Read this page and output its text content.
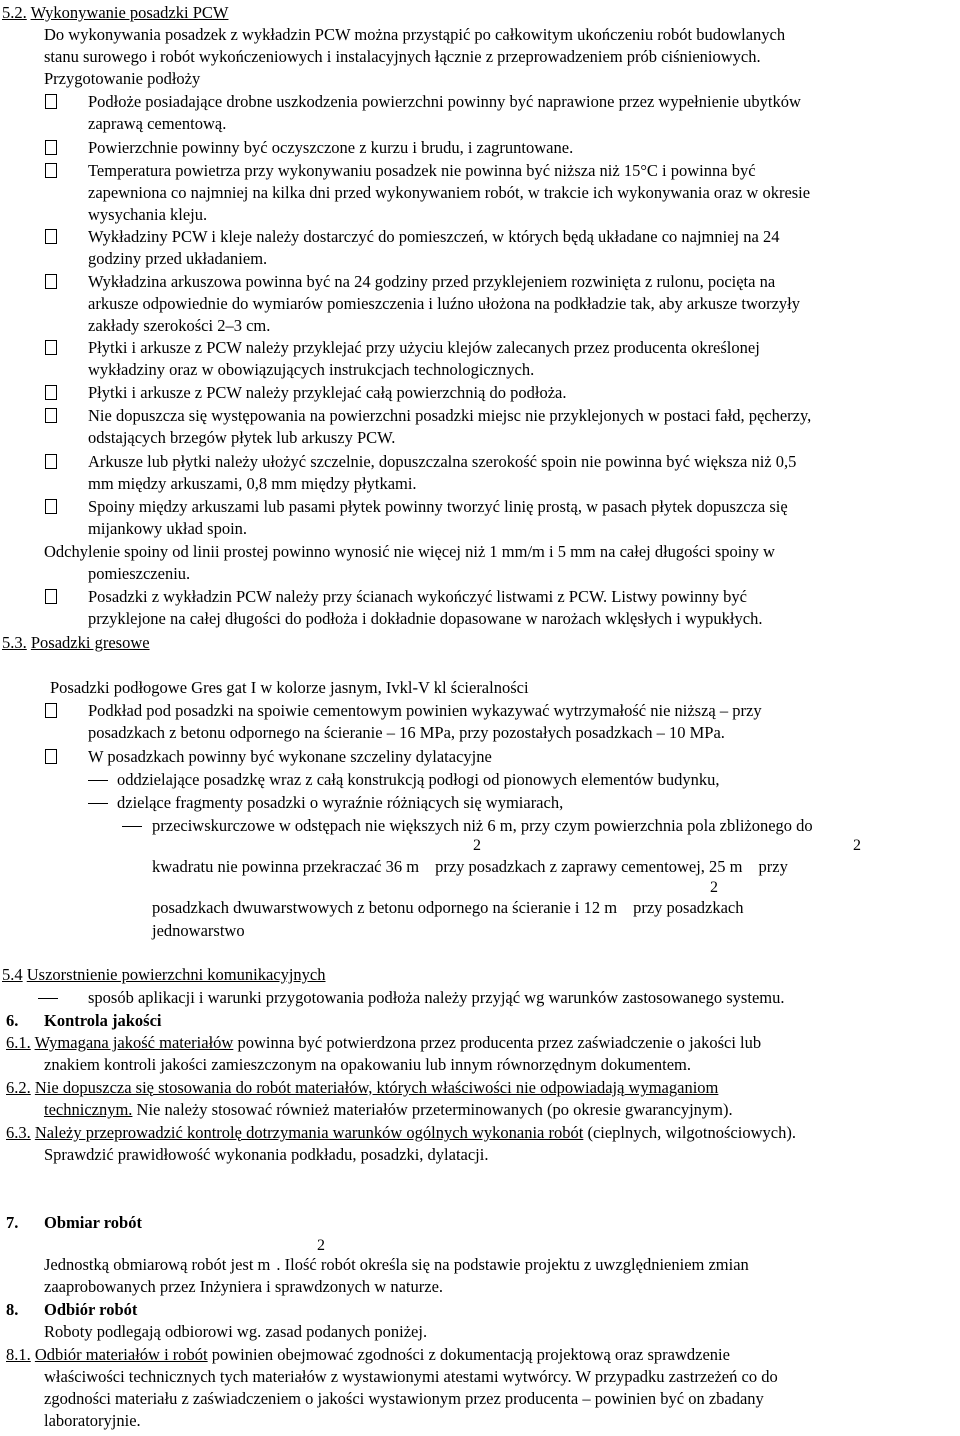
5.2. Wykonywanie posadzki PCW
Do wykonywania posadzek z wykładzin PCW można przystąpić po całkowitym ukończeniu robót budowlanych
stanu surowego i robót wykończeniowych i instalacyjnych łącznie z przeprowadzeniem prób ciśnieniowych.
Przygotowanie podłoży
Podłoże posiadające drobne uszkodzenia powierzchni powinny być naprawione przez wypełnienie ubytków
zaprawą cementową.
Powierzchnie powinny być oczyszczone z kurzu i brudu, i zagruntowane.
Temperatura powietrza przy wykonywaniu posadzek nie powinna być niższa niż 15°C i powinna być
zapewniona co najmniej na kilka dni przed wykonywaniem robót, w trakcie ich wykonywania oraz w okresie
wysychania kleju.
Wykładziny PCW i kleje należy dostarczyć do pomieszczeń, w których będą układane co najmniej na 24
godziny przed układaniem.
Wykładzina arkuszowa powinna być na 24 godziny przed przyklejeniem rozwinięta z rulonu, pocięta na
arkusze odpowiednie do wymiarów pomieszczenia i luźno ułożona na podkładzie tak, aby arkusze tworzyły
zakłady szerokości 2–3 cm.
Płytki i arkusze z PCW należy przyklejać przy użyciu klejów zalecanych przez producenta określonej
wykładziny oraz w obowiązujących instrukcjach technologicznych.
Płytki i arkusze z PCW należy przyklejać całą powierzchnią do podłoża.
Nie dopuszcza się występowania na powierzchni posadzki miejsc nie przyklejonych w postaci fałd, pęcherzy,
odstających brzegów płytek lub arkuszy PCW.
Arkusze lub płytki należy ułożyć szczelnie, dopuszczalna szerokość spoin nie powinna być większa niż 0,5
mm między arkuszami, 0,8 mm między płytkami.
Spoiny między arkuszami lub pasami płytek powinny tworzyć linię prostą, w pasach płytek dopuszcza się
mijankowy układ spoin.
Odchylenie spoiny od linii prostej powinno wynosić nie więcej niż 1 mm/m i 5 mm na całej długości spoiny w
pomieszczeniu.
Posadzki z wykładzin PCW należy przy ścianach wykończyć listwami z PCW. Listwy powinny być
przyklejone na całej długości do podłoża i dokładnie dopasowane w narożach wklęsłych i wypukłych.
5.3. Posadzki gresowe
Posadzki podłogowe Gres gat I w kolorze jasnym, Ivkl-V kl ścieralności
Podkład pod posadzki na spoiwie cementowym powinien wykazywać wytrzymałość nie niższą – przy
posadzkach z betonu odpornego na ścieranie – 16 MPa, przy pozostałych posadzkach – 10 MPa.
W posadzkach powinny być wykonane szczeliny dylatacyjne
oddzielające posadzkę wraz z całą konstrukcją podłogi od pionowych elementów budynku,
dzielące fragmenty posadzki o wyraźnie różniących się wymiarach,
przeciwskurczowe w odstępach nie większych niż 6 m, przy czym powierzchnia pola zbliżonego do
2	2
kwadratu nie powinna przekraczać 36 m przy posadzkach z zaprawy cementowej, 25 m przy
2
posadzkach dwuwarstwowych z betonu odpornego na ścieranie i 12 m przy posadzkach
jednowarstwo
5.4 Uszorstnienie powierzchni komunikacyjnych
sposób aplikacji i warunki przygotowania podłoża należy przyjąć wg warunków zastosowanego systemu.
6. Kontrola jakości
6.1. Wymagana jakość materiałów powinna być potwierdzona przez producenta przez zaświadczenie o jakości lub
znakiem kontroli jakości zamieszczonym na opakowaniu lub innym równorzędnym dokumentem.
6.2. Nie dopuszcza się stosowania do robót materiałów, których właściwości nie odpowiadają wymaganiom
technicznym. Nie należy stosować również materiałów przeterminowanych (po okresie gwarancyjnym).
6.3. Należy przeprowadzić kontrolę dotrzymania warunków ogólnych wykonania robót (cieplnych, wilgotnościowych).
Sprawdzić prawidłowość wykonania podkładu, posadzki, dylatacji.
7. Obmiar robót
2
Jednostką obmiarową robót jest m . Ilość robót określa się na podstawie projektu z uwzględnieniem zmian
zaaprobowanych przez Inżyniera i sprawdzonych w naturze.
8. Odbiór robót
Roboty podlegają odbiorowi wg. zasad podanych poniżej.
8.1. Odbiór materiałów i robót powinien obejmować zgodności z dokumentacją projektową oraz sprawdzenie
właściwości technicznych tych materiałów z wystawionymi atestami wytwórcy. W przypadku zastrzeżeń co do
zgodności materiału z zaświadczeniem o jakości wystawionym przez producenta – powinien być on zbadany
laboratoryjnie.
